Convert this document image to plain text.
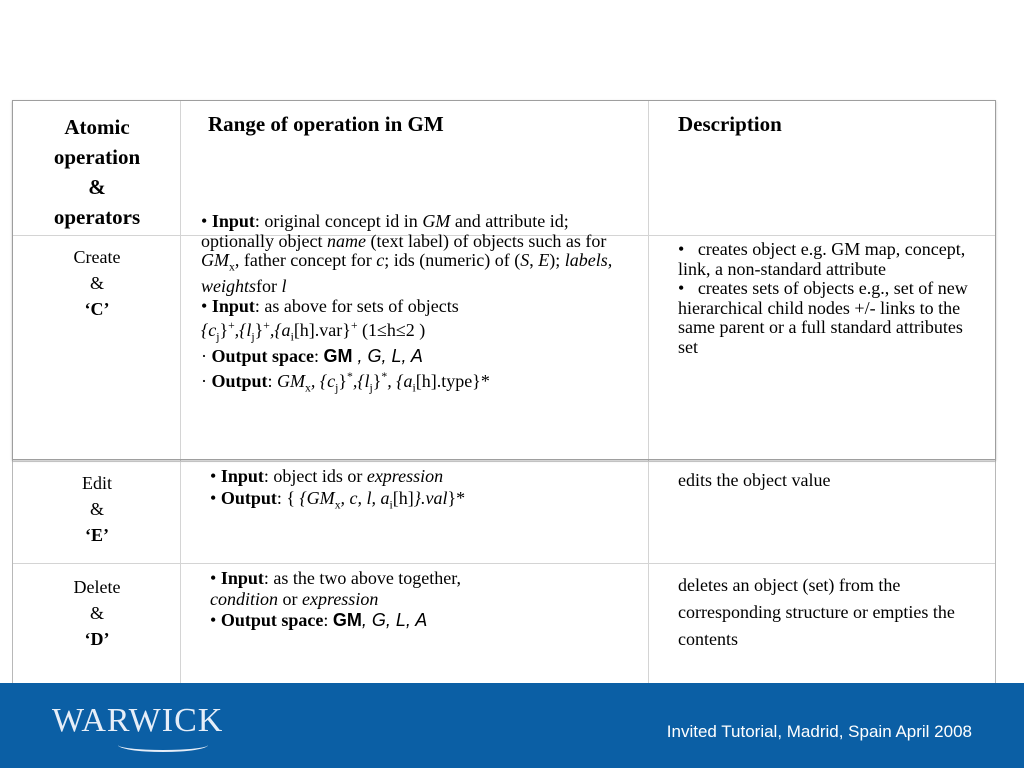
Atomic
operation
&
operators
Range of operation in GM	Description
Create
&
‘C’
• Input: original concept id in GM and attribute id; optionally object name (text label) of objects such as for $GM_x$, father concept for c; ids (numeric) of (S, E); labels, weightsfor l
• Input: as above for sets of objects
$\{c_j\}^+,\{l_j\}^+,\{a_i[h].var\}^+$ (1≤h≤2 )
· Output space: GM , G, L, A
· Output: $GM_x$, $\{c_j\}^*,\{l_j\}^*$, $\{a_i[h].type\}*$
•   creates object e.g. GM map, concept, link, a non-standard attribute
•   creates sets of objects e.g., set of new hierarchical child nodes +/- links to the same parent or a full standard attributes set
Edit
&
‘E’
• Input: object ids or expression
• Output: { {$GM_x$, c, l, $a_i[h]\}.val\}*$
edits the object value
Delete
&
‘D’
• Input: as the two above together,
condition or expression
• Output space: GM, G, L, A
deletes an object (set) from the corresponding structure or empties the contents
WARWICK	Invited Tutorial, Madrid, Spain April 2008
